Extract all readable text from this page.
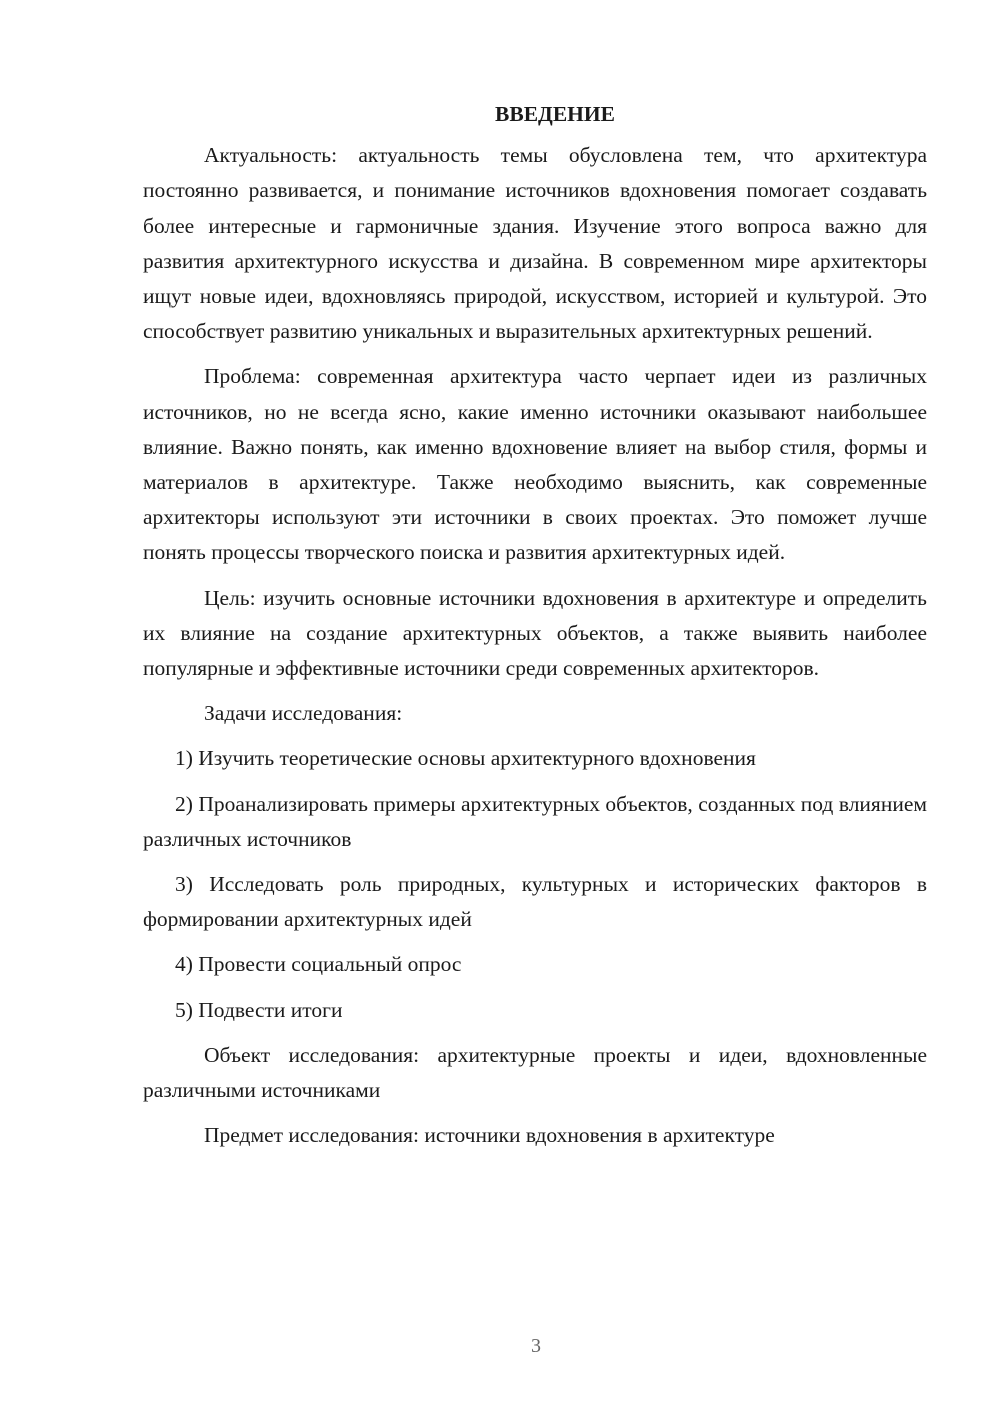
ВВЕДЕНИЕ

Актуальность: актуальность темы обусловлена тем, что архитектура постоянно развивается, и понимание источников вдохновения помогает создавать более интересные и гармоничные здания. Изучение этого вопроса важно для развития архитектурного искусства и дизайна. В современном мире архитекторы ищут новые идеи, вдохновляясь природой, искусством, историей и культурой. Это способствует развитию уникальных и выразительных архитектурных решений.

Проблема: современная архитектура часто черпает идеи из различных источников, но не всегда ясно, какие именно источники оказывают наибольшее влияние. Важно понять, как именно вдохновение влияет на выбор стиля, формы и материалов в архитектуре. Также необходимо выяснить, как современные архитекторы используют эти источники в своих проектах. Это поможет лучше понять процессы творческого поиска и развития архитектурных идей.

Цель: изучить основные источники вдохновения в архитектуре и определить их влияние на создание архитектурных объектов, а также выявить наиболее популярные и эффективные источники среди современных архитекторов.

Задачи исследования:

1) Изучить теоретические основы архитектурного вдохновения

2) Проанализировать примеры архитектурных объектов, созданных под влиянием различных источников

3) Исследовать роль природных, культурных и исторических факторов в формировании архитектурных идей

4) Провести социальный опрос

5) Подвести итоги

Объект исследования: архитектурные проекты и идеи, вдохновленные различными источниками

Предмет исследования: источники вдохновения в архитектуре

3
